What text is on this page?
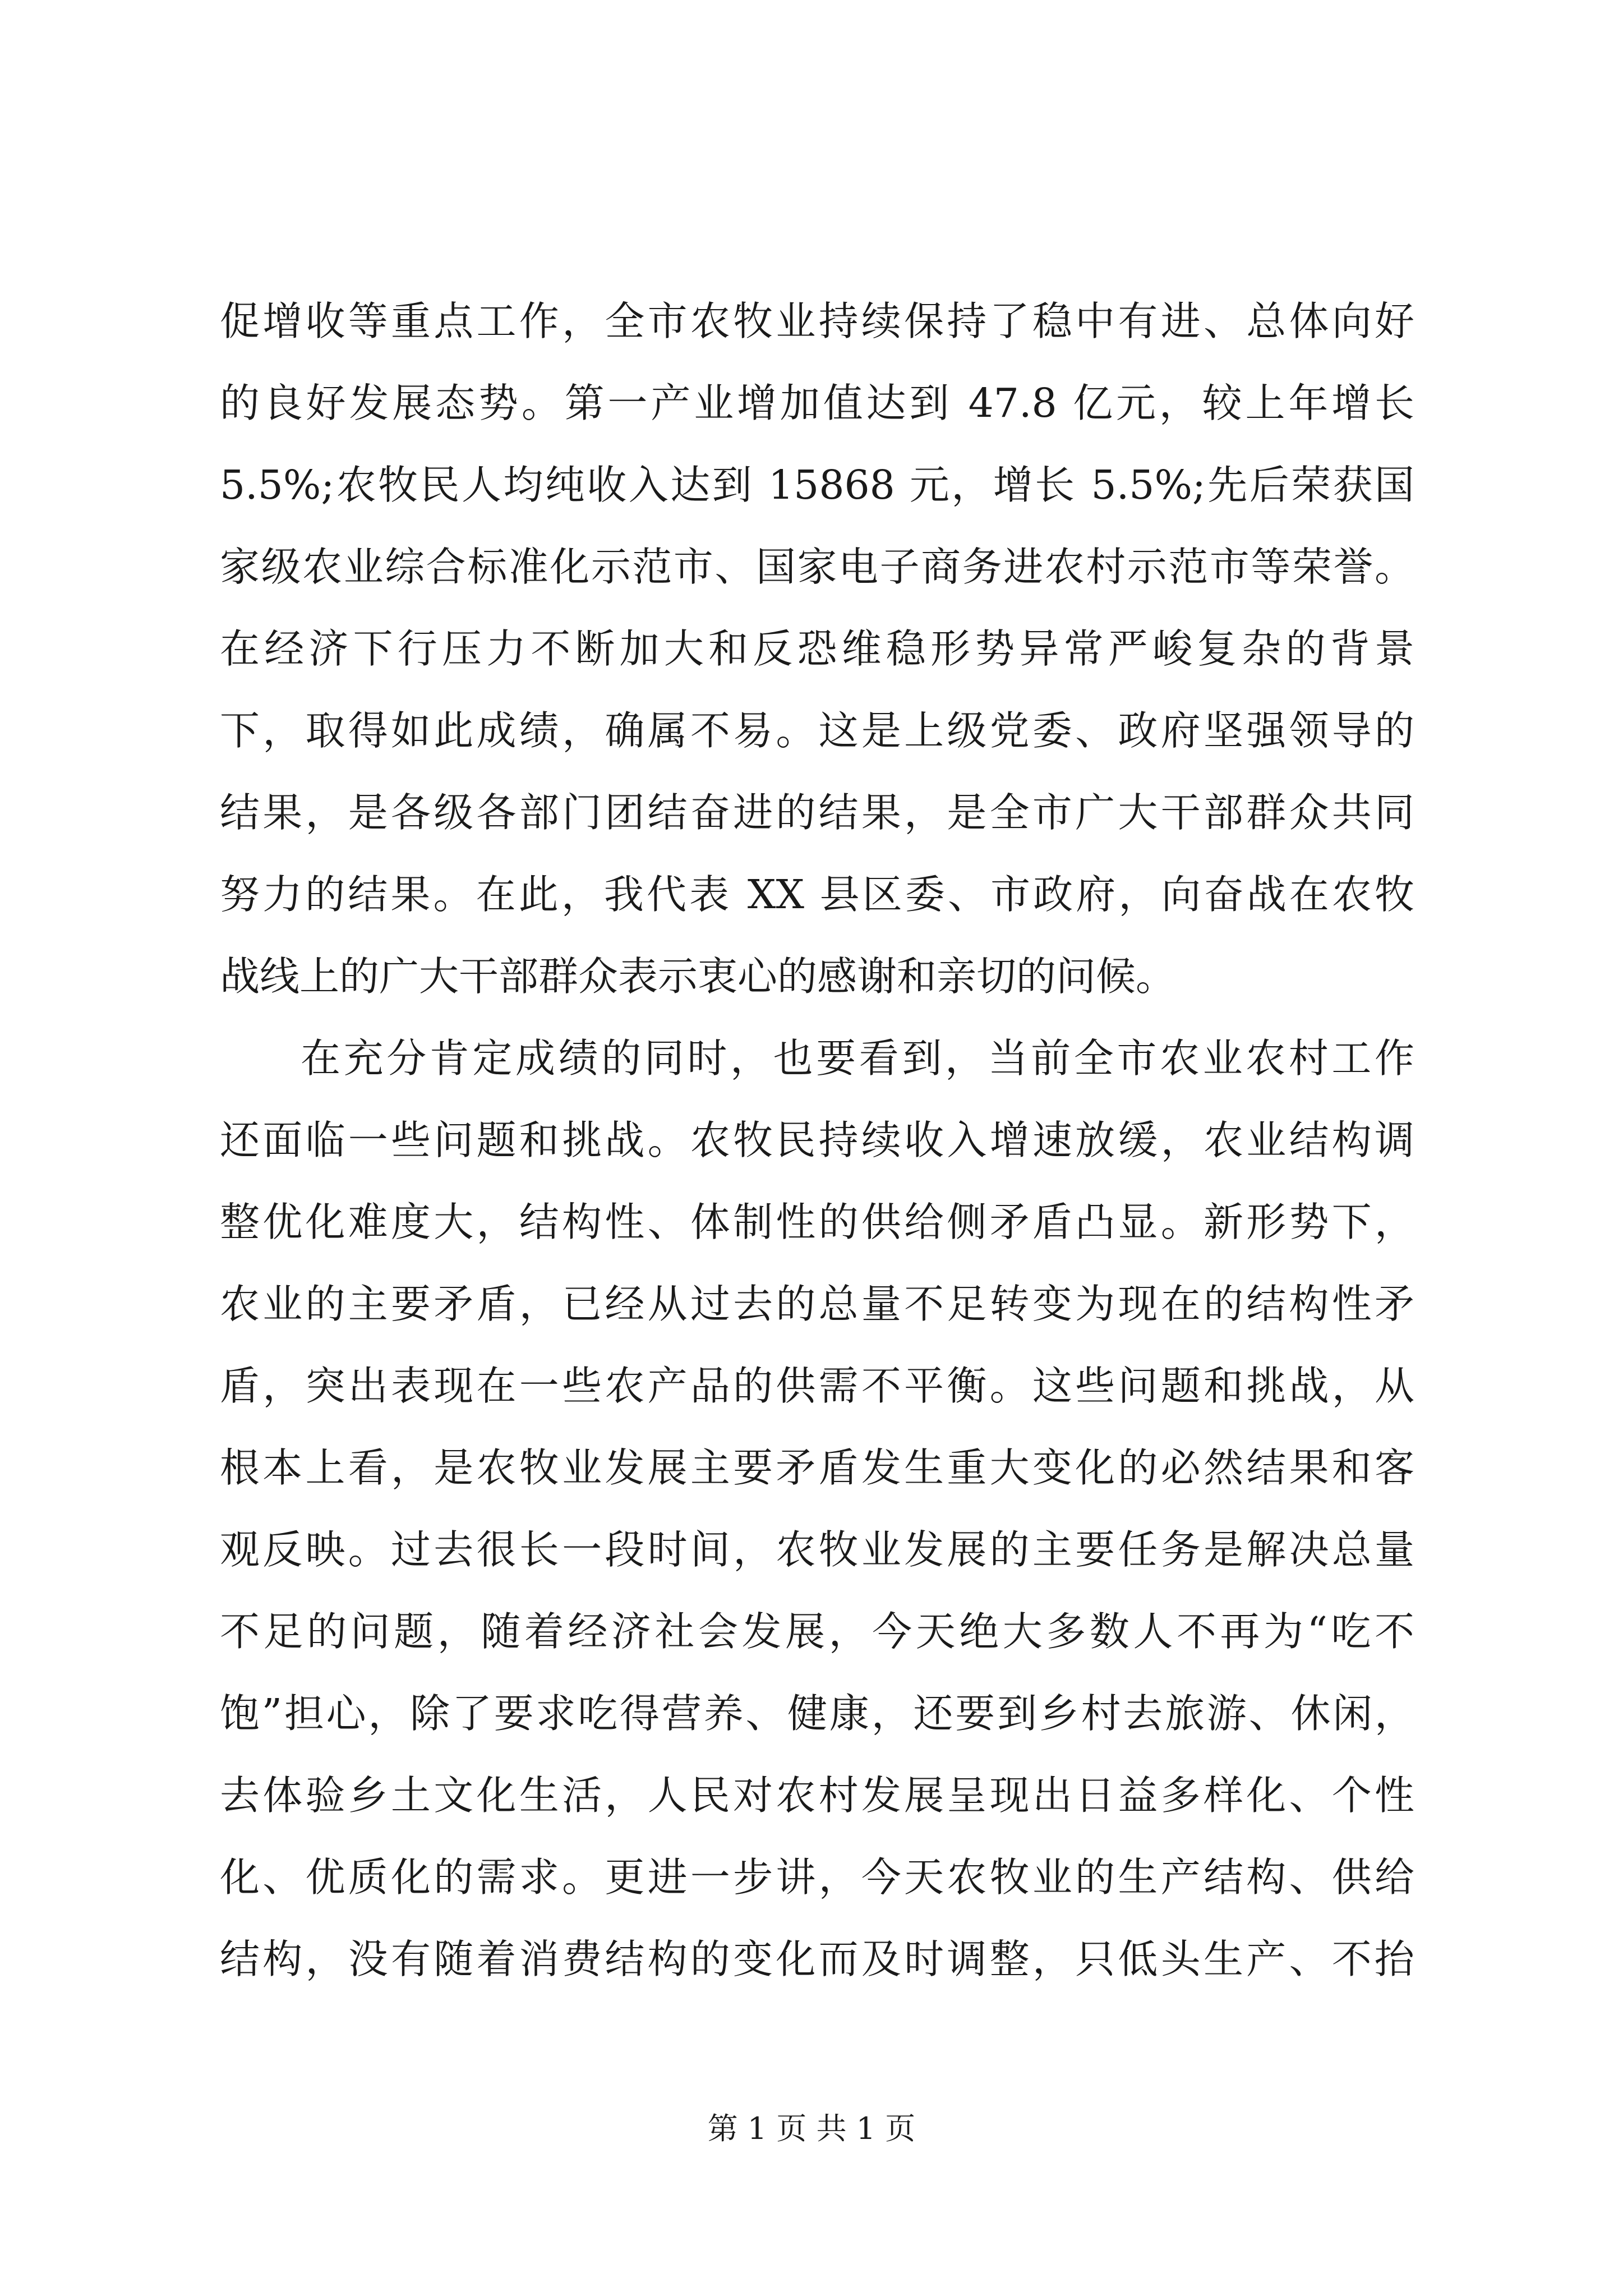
促增收等重点工作，全市农牧业持续保持了稳中有进、总体向好
的良好发展态势。第一产业增加值达到 47.8 亿元，较上年增长
5.5%;农牧民人均纯收入达到 15868 元，增长 5.5%;先后荣获国
家级农业综合标准化示范市、国家电子商务进农村示范市等荣誉。
在经济下行压力不断加大和反恐维稳形势异常严峻复杂的背景
下，取得如此成绩，确属不易。这是上级党委、政府坚强领导的
结果，是各级各部门团结奋进的结果，是全市广大干部群众共同
努力的结果。在此，我代表 XX 县区委、市政府，向奋战在农牧
战线上的广大干部群众表示衷心的感谢和亲切的问候。
在充分肯定成绩的同时，也要看到，当前全市农业农村工作
还面临一些问题和挑战。农牧民持续收入增速放缓，农业结构调
整优化难度大，结构性、体制性的供给侧矛盾凸显。新形势下，
农业的主要矛盾，已经从过去的总量不足转变为现在的结构性矛
盾，突出表现在一些农产品的供需不平衡。这些问题和挑战，从
根本上看，是农牧业发展主要矛盾发生重大变化的必然结果和客
观反映。过去很长一段时间，农牧业发展的主要任务是解决总量
不足的问题，随着经济社会发展，今天绝大多数人不再为“吃不
饱”担心，除了要求吃得营养、健康，还要到乡村去旅游、休闲，
去体验乡土文化生活，人民对农村发展呈现出日益多样化、个性
化、优质化的需求。更进一步讲，今天农牧业的生产结构、供给
结构，没有随着消费结构的变化而及时调整，只低头生产、不抬
第 1 页 共 1 页
